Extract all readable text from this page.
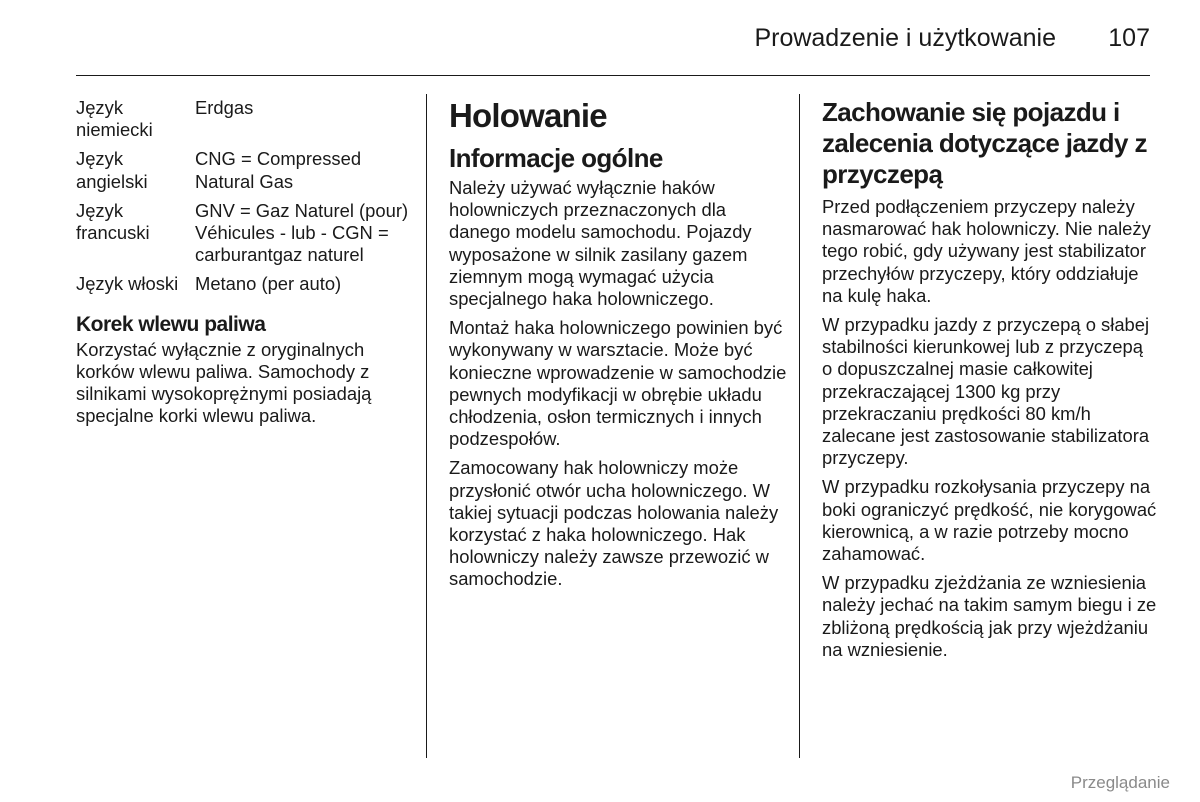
Prowadzenie i użytkowanie	107
Język niemiecki
Erdgas
Język angielski
CNG = Compressed Natural Gas
Język francuski
GNV = Gaz Naturel (pour) Véhicules - lub - CGN = carburantgaz naturel
Język włoski Metano (per auto)
Korek wlewu paliwa

Korzystać wyłącznie z oryginalnych korków wlewu paliwa. Samochody z silnikami wysokoprężnymi posiadają specjalne korki wlewu paliwa.

Holowanie
Informacje ogólne

Należy używać wyłącznie haków holowniczych przeznaczonych dla danego modelu samochodu. Pojazdy wyposażone w silnik zasilany gazem ziemnym mogą wymagać użycia specjalnego haka holowniczego.

Montaż haka holowniczego powinien być wykonywany w warsztacie. Może być konieczne wprowadzenie w samochodzie pewnych modyfikacji w obrębie układu chłodzenia, osłon termicznych i innych podzespołów.

Zamocowany hak holowniczy może przysłonić otwór ucha holowniczego. W takiej sytuacji podczas holowania należy korzystać z haka holowniczego. Hak holowniczy należy zawsze przewozić w samochodzie.

Zachowanie się pojazdu i zalecenia dotyczące jazdy z przyczepą

Przed podłączeniem przyczepy należy nasmarować hak holowniczy. Nie należy tego robić, gdy używany jest stabilizator przechyłów przyczepy, który oddziałuje na kulę haka.

W przypadku jazdy z przyczepą o słabej stabilności kierunkowej lub z przyczepą o dopuszczalnej masie całkowitej przekraczającej 1300 kg przy przekraczaniu prędkości 80 km/h zalecane jest zastosowanie stabilizatora przyczepy.

W przypadku rozkołysania przyczepy na boki ograniczyć prędkość, nie korygować kierownicą, a w razie potrzeby mocno zahamować.

W przypadku zjeżdżania ze wzniesienia należy jechać na takim samym biegu i ze zbliżoną prędkością jak przy wjeżdżaniu na wzniesienie.

Przeglądanie
